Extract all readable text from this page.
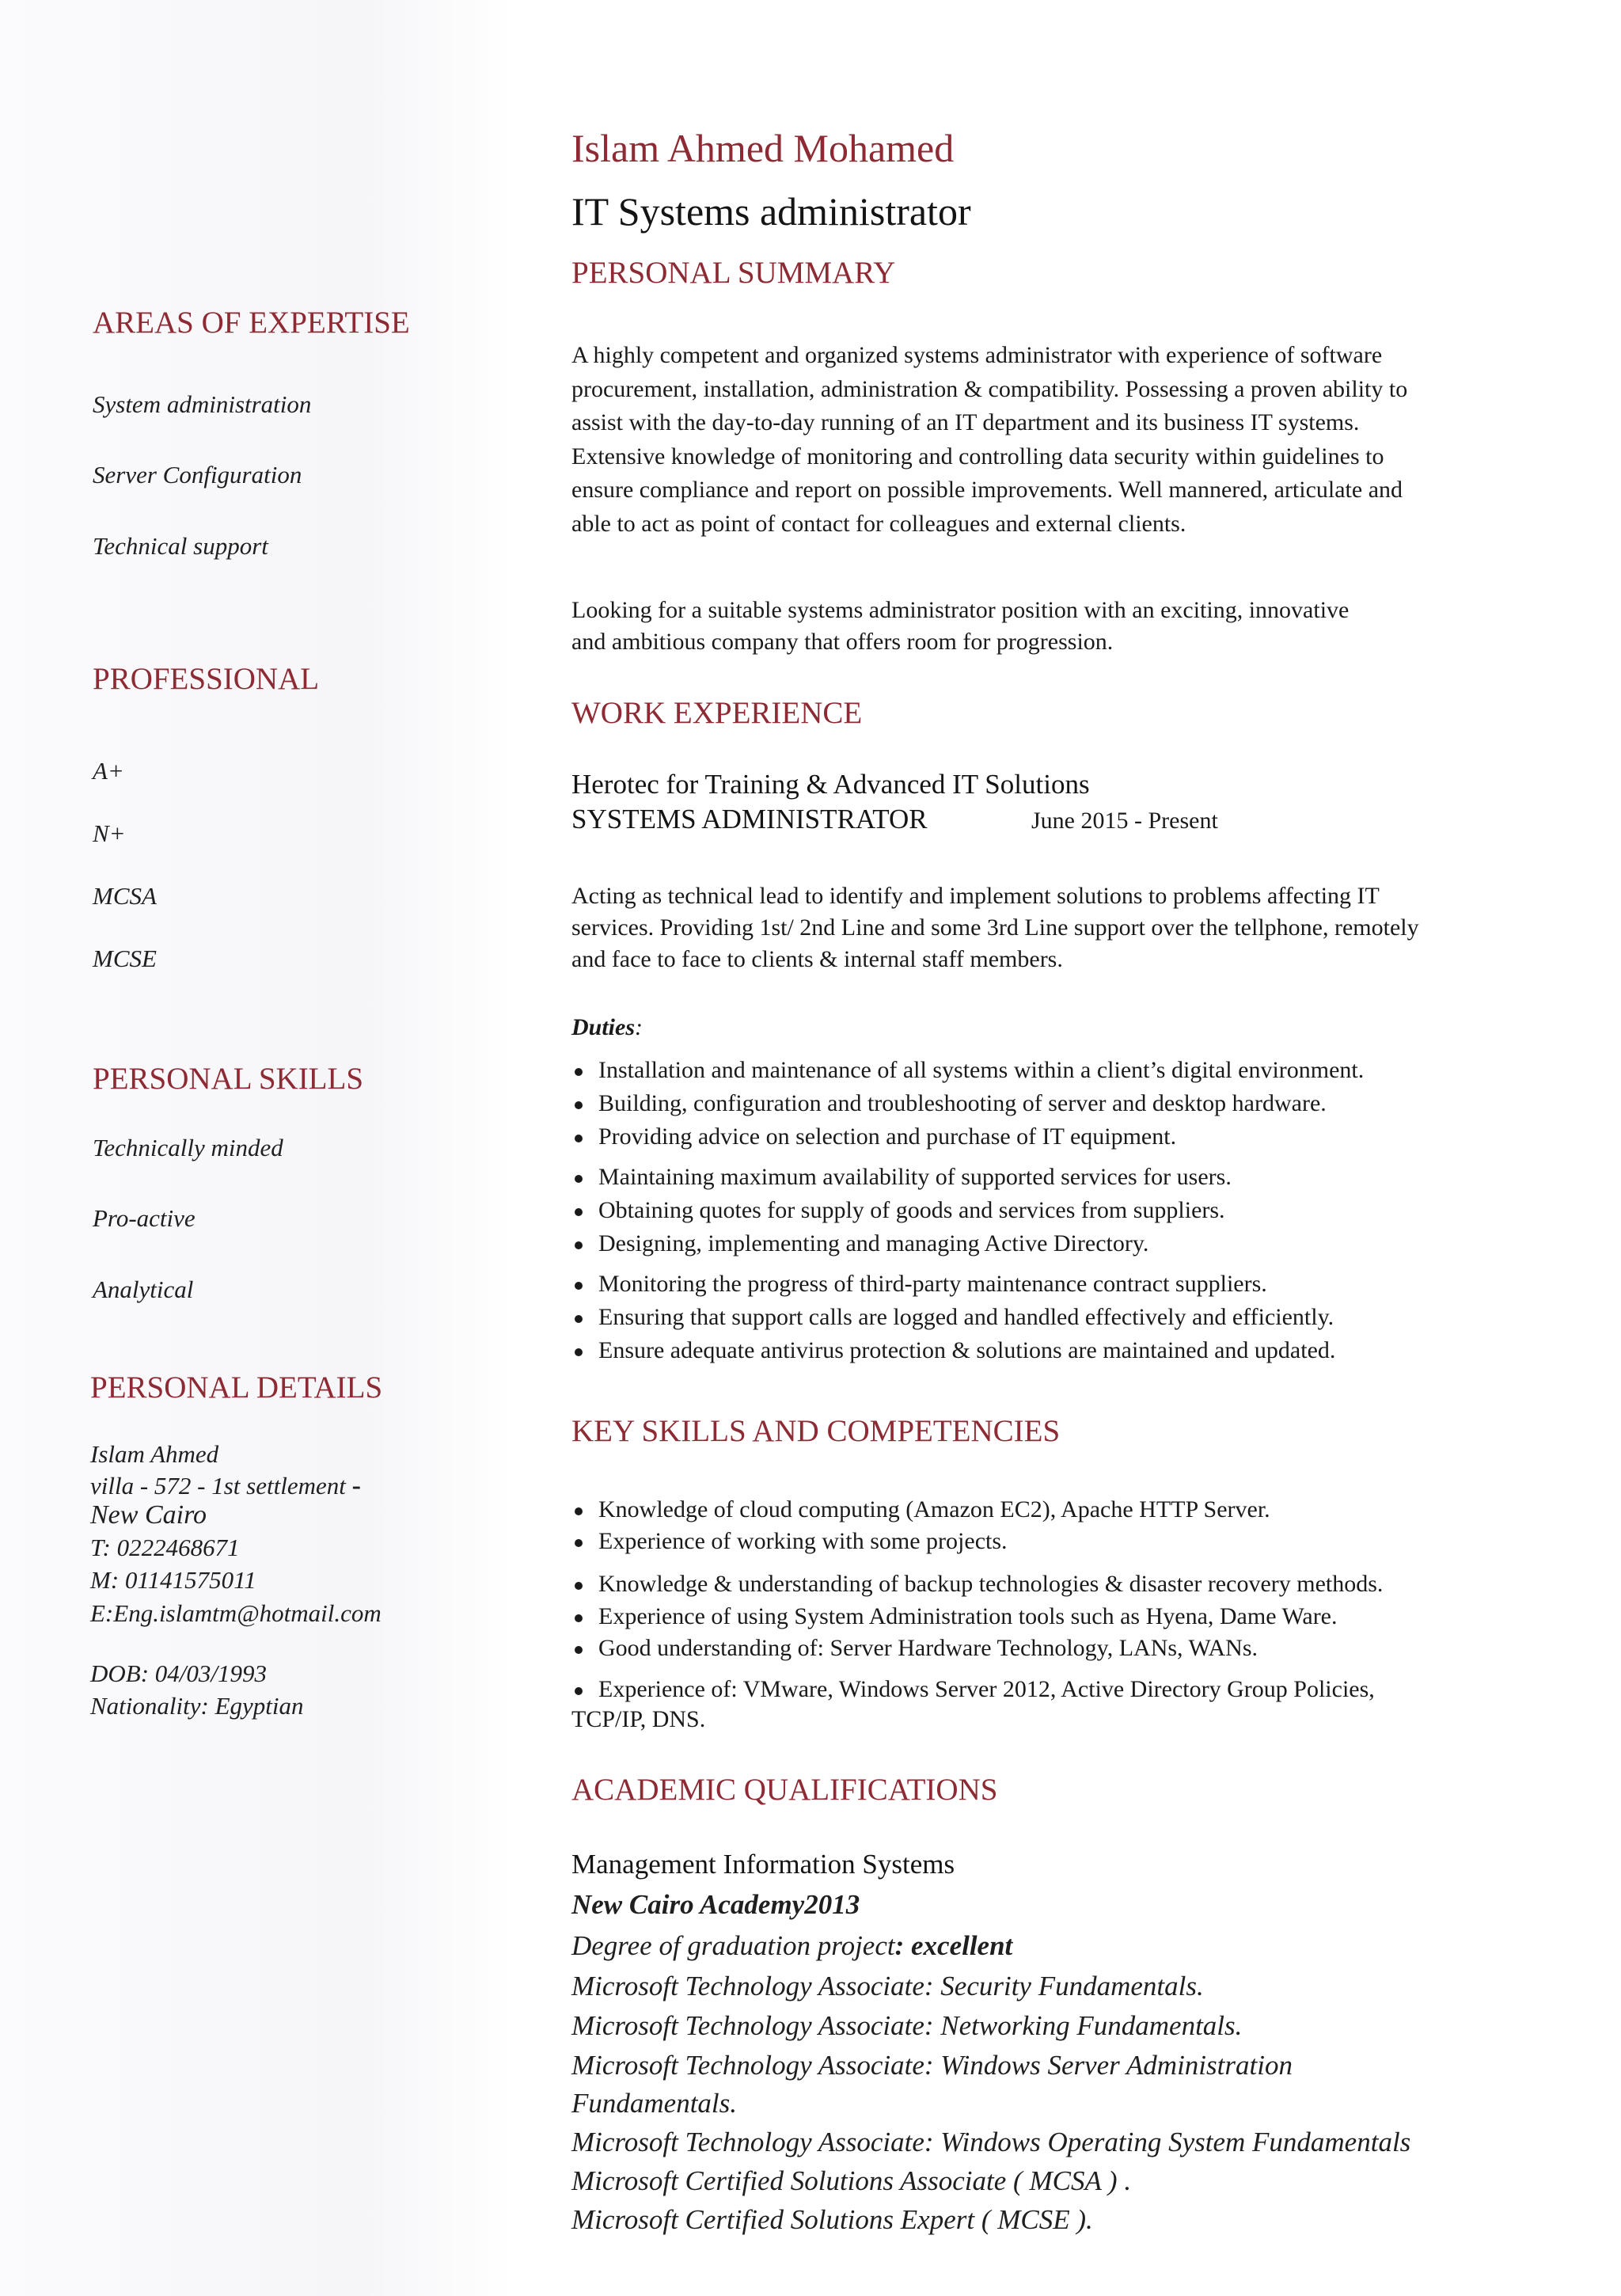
Islam Ahmed Mohamed
IT Systems administrator
AREAS OF EXPERTISE
System administration
Server Configuration
Technical support
PROFESSIONAL
A+
N+
MCSA
MCSE
PERSONAL SKILLS
Technically minded
Pro-active
Analytical
PERSONAL DETAILS
Islam Ahmed
villa - 572 - 1st settlement -
New Cairo
T: 0222468671
M: 01141575011
E:Eng.islamtm@hotmail.com
DOB: 04/03/1993
Nationality: Egyptian
PERSONAL SUMMARY

A highly competent and organized systems administrator with experience of software

procurement, installation, administration & compatibility. Possessing a proven ability to

assist with the day-to-day running of an IT department and its business IT systems.

Extensive knowledge of monitoring and controlling data security within guidelines to

ensure compliance and report on possible improvements. Well mannered, articulate and

able to act as point of contact for colleagues and external clients.

Looking for a suitable systems administrator position with an exciting, innovative

and ambitious company that offers room for progression.

WORK EXPERIENCE
Herotec for Training & Advanced IT Solutions
SYSTEMS ADMINISTRATOR	June 2015 - Present

Acting as technical lead to identify and implement solutions to problems affecting IT

services. Providing 1st/ 2nd Line and some 3rd Line support over the tellphone, remotely

and face to face to clients & internal staff members.

Duties:
Installation and maintenance of all systems within a client’s digital environment.
Building, configuration and troubleshooting of server and desktop hardware.
Providing advice on selection and purchase of IT equipment.
Maintaining maximum availability of supported services for users.
Obtaining quotes for supply of goods and services from suppliers.
Designing, implementing and managing Active Directory.
Monitoring the progress of third-party maintenance contract suppliers.
Ensuring that support calls are logged and handled effectively and efficiently.
Ensure adequate antivirus protection & solutions are maintained and updated.
KEY SKILLS AND COMPETENCIES
Knowledge of cloud computing (Amazon EC2), Apache HTTP Server.
Experience of working with some projects.
Knowledge & understanding of backup technologies & disaster recovery methods.
Experience of using System Administration tools such as Hyena, Dame Ware.
Good understanding of: Server Hardware Technology, LANs, WANs.
Experience of: VMware, Windows Server 2012, Active Directory Group Policies,
TCP/IP, DNS.
ACADEMIC QUALIFICATIONS
Management Information Systems
New Cairo Academy2013
Degree of graduation project: excellent
Microsoft Technology Associate: Security Fundamentals.
Microsoft Technology Associate: Networking Fundamentals.
Microsoft Technology Associate: Windows Server Administration
Fundamentals.
Microsoft Technology Associate: Windows Operating System Fundamentals
Microsoft Certified Solutions Associate ( MCSA ) .
Microsoft Certified Solutions Expert ( MCSE ).
